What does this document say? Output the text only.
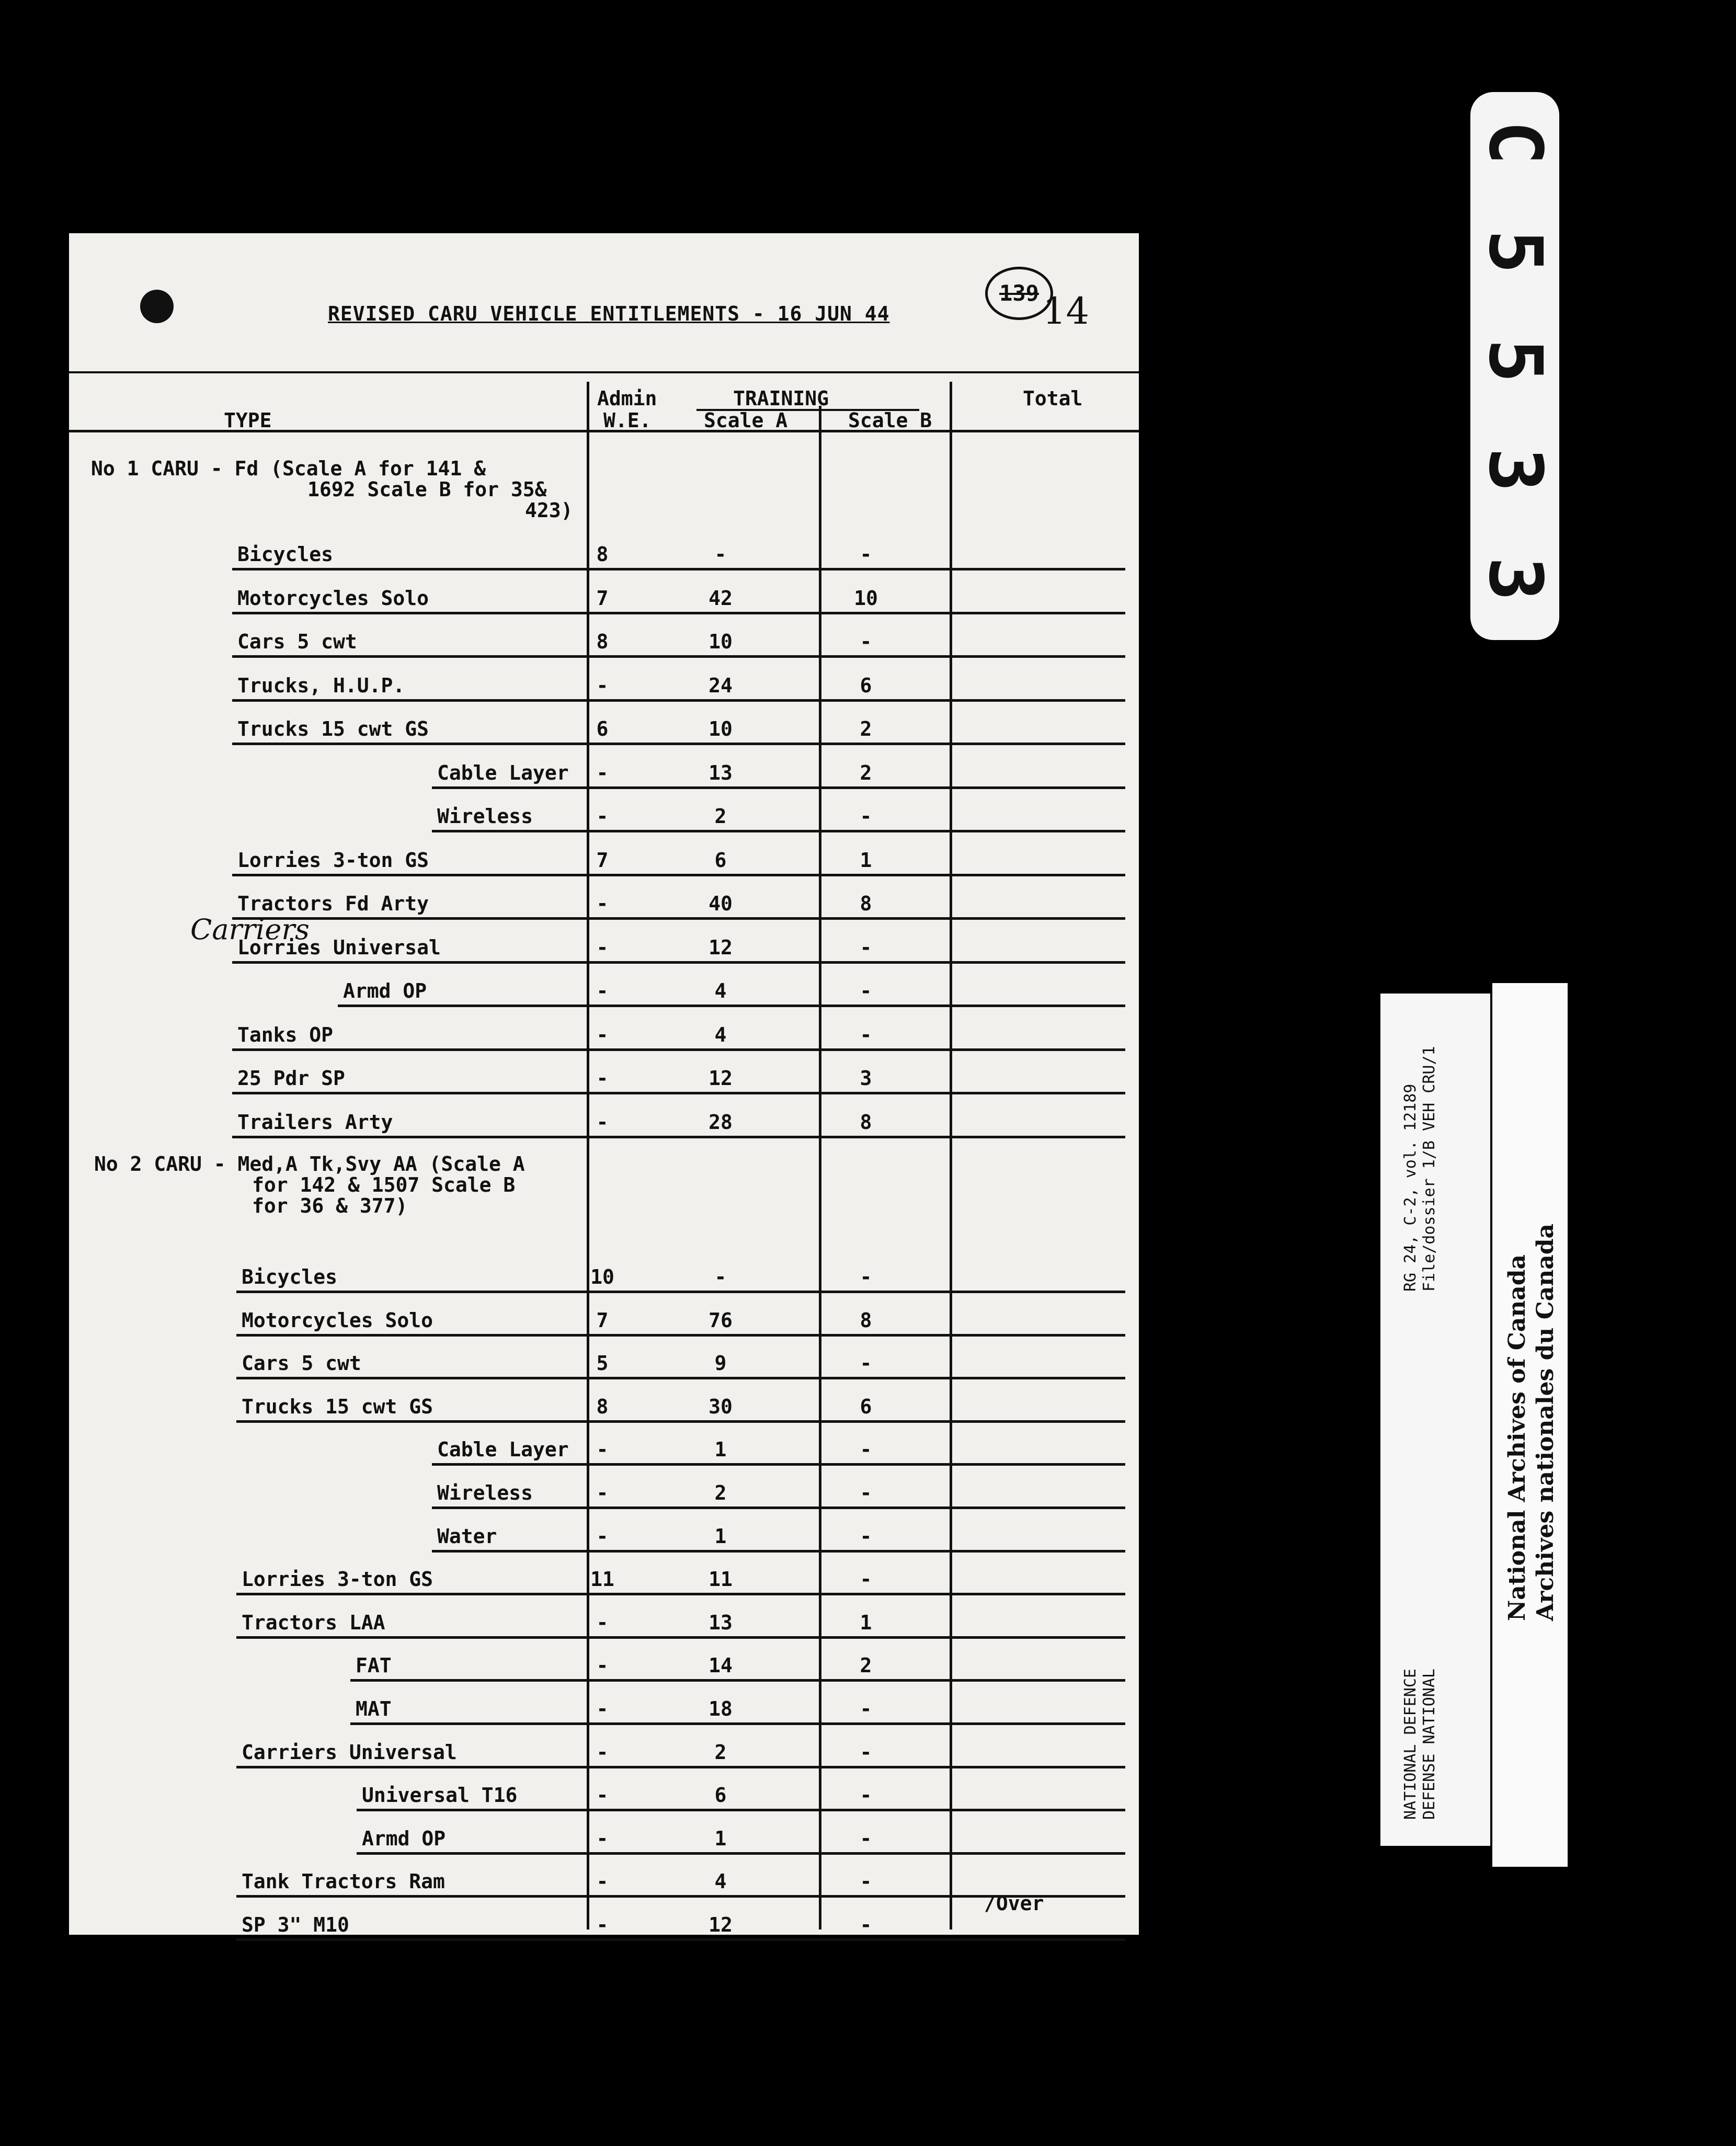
REVISED CARU VEHICLE ENTITLEMENTS - 16 JUN 44
139 14
TYPE
Admin
W.E.
TRAINING
Scale A	Scale B
Total
No 1 CARU - Fd (Scale A for 141 &
1692 Scale B for 35&
423)
Bicycles	8	-	-
Motorcycles Solo	7	42	10
Cars 5 cwt	8	10	-
Trucks, H.U.P.	-	24	6
Trucks 15 cwt GS	6	10	2
Cable Layer	-	13	2
Wireless	-	2	-
Lorries 3-ton GS	7	6	1
Tractors Fd Arty	-	40	8
Lorries Universal	-	12	-
Armd OP	-	4	-
Tanks OP	-	4	-
25 Pdr SP	-	12	3
Trailers Arty	-	28	8
Carriers
No 2 CARU - Med,A Tk,Svy AA (Scale A
for 142 & 1507 Scale B
for 36 & 377)
Bicycles	10	-	-
Motorcycles Solo	7	76	8
Cars 5 cwt	5	9	-
Trucks 15 cwt GS	8	30	6
Cable Layer	-	1	-
Wireless	-	2	-
Water	-	1	-
Lorries 3-ton GS	11	11	-
Tractors LAA	-	13	1
FAT	-	14	2
MAT	-	18	-
Carriers Universal	-	2	-
Universal T16	-	6	-
Armd OP	-	1	-
Tank Tractors Ram	-	4	-
SP 3" M10	-	12	-
/Over
C 5 5 3 3
NATIONAL DEFENCE DEFENSE NATIONAL
RG 24, C-2, vol. 12189 File/dossier 1/B VEH CRU/1
National Archives of Canada Archives nationales du Canada
